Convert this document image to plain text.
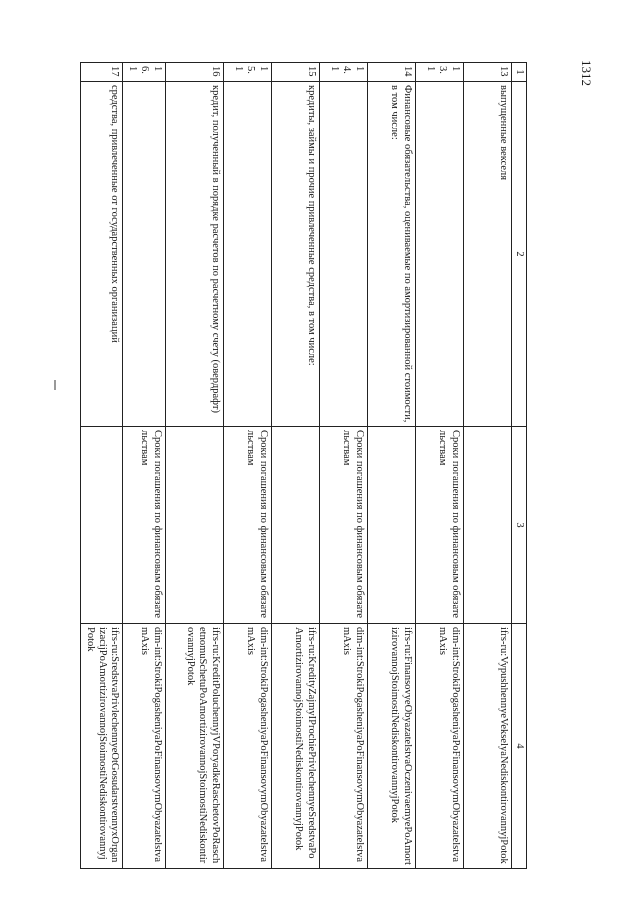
1312
1	2	3	4
13	выпущенные векселя		ifrs-ru:VypushhennyeVekselyaNediskontirovannyjPotok
13.1		Сроки погашения по финансовым обязательствам	dim-int:StrokiPogasheniyaPoFinansovymObyazatelstvamAxis
14	Финансовые обязательства, оцениваемые по амортизированной стоимости, в том числе:		ifrs-ru:FinansovyeObyazatelstvaOczenivaemyePoAmortizirovannojStoimostiNediskontirovannyjPotok
14.1		Сроки погашения по финансовым обязательствам	dim-int:StrokiPogasheniyaPoFinansovymObyazatelstvamAxis
15	кредиты, займы и прочие привлеченные средства, в том числе:		ifrs-ru:KredityZajmyIProchiePrivlechennyeSredstvaPoAmortizirovannojStoimostiNediskontirovannyjPotok
15.1		Сроки погашения по финансовым обязательствам	dim-int:StrokiPogasheniyaPoFinansovymObyazatelstvamAxis
16	кредит, полученный в порядке расчетов по расчетному счету (овердрафт)		ifrs-ru:KreditPoluchennyjVPoryadkeRaschetovPoRaschetnomuSchetuPoAmortizirovannojStoimostiNediskontirovannyjPotok
16.1		Сроки погашения по финансовым обязательствам	dim-int:StrokiPogasheniyaPoFinansovymObyazatelstvamAxis
17	средства, привлеченные от государственных организаций		ifrs-ru:SredstvaPrivlechennyeOtGosudarstvennyxOrganizacijPoAmortizirovannojStoimostiNediskontirovannyjPotok
